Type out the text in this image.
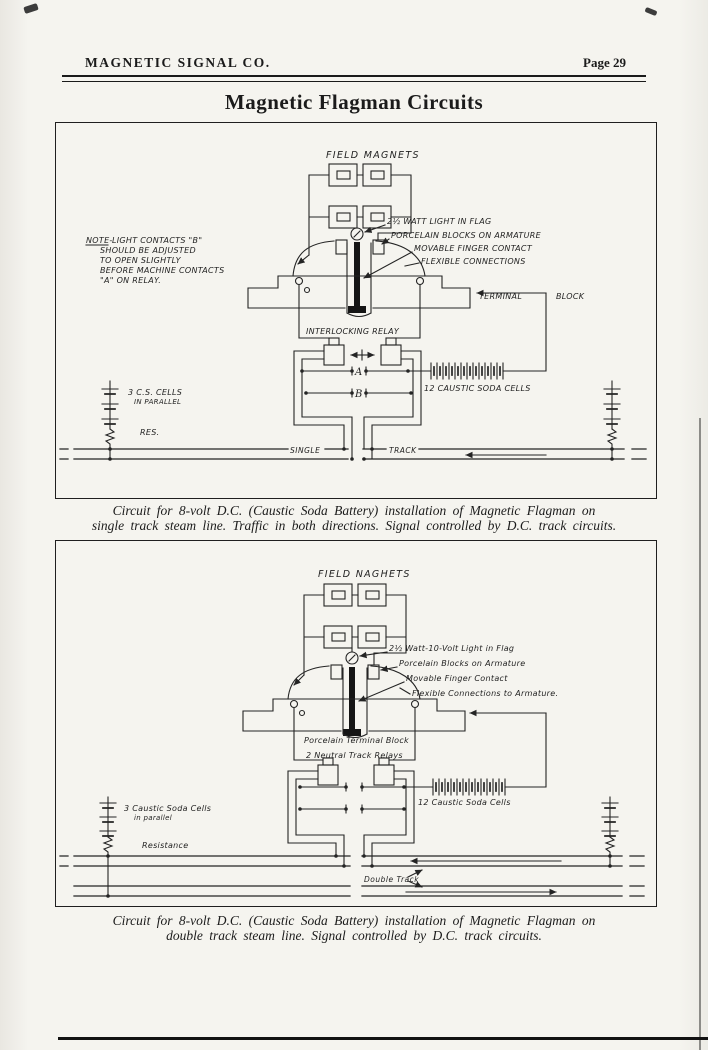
MAGNETIC SIGNAL CO.	Page 29
Magnetic Flagman Circuits
FIELD MAGNETS
2½ WATT LIGHT IN FLAG
PORCELAIN BLOCKS ON ARMATURE
MOVABLE FINGER CONTACT
FLEXIBLE CONNECTIONS
NOTE- LIGHT CONTACTS "B"
SHOULD BE ADJUSTED
TO OPEN SLIGHTLY
BEFORE MACHINE CONTACTS
"A" ON RELAY.
TERMINAL	BLOCK
INTERLOCKING RELAY
A
B
12 CAUSTIC SODA CELLS
3 C.S. CELLS
IN PARALLEL
RES.
SINGLE	TRACK
Circuit for 8-volt D.C. (Caustic Soda Battery) installation of Magnetic Flagman on
single track steam line. Traffic in both directions. Signal controlled by D.C. track circuits.
FIELD NAGHETS
2½ Watt-10-Volt Light in Flag
Porcelain Blocks on Armature
Movable Finger Contact
Flexible Connections to Armature.
Porcelain Terminal Block
2 Neutral Track Relays
12 Caustic Soda Cells
3 Caustic Soda Cells
in parallel
Resistance
Double Track
Circuit for 8-volt D.C. (Caustic Soda Battery) installation of Magnetic Flagman on
double track steam line. Signal controlled by D.C. track circuits.
